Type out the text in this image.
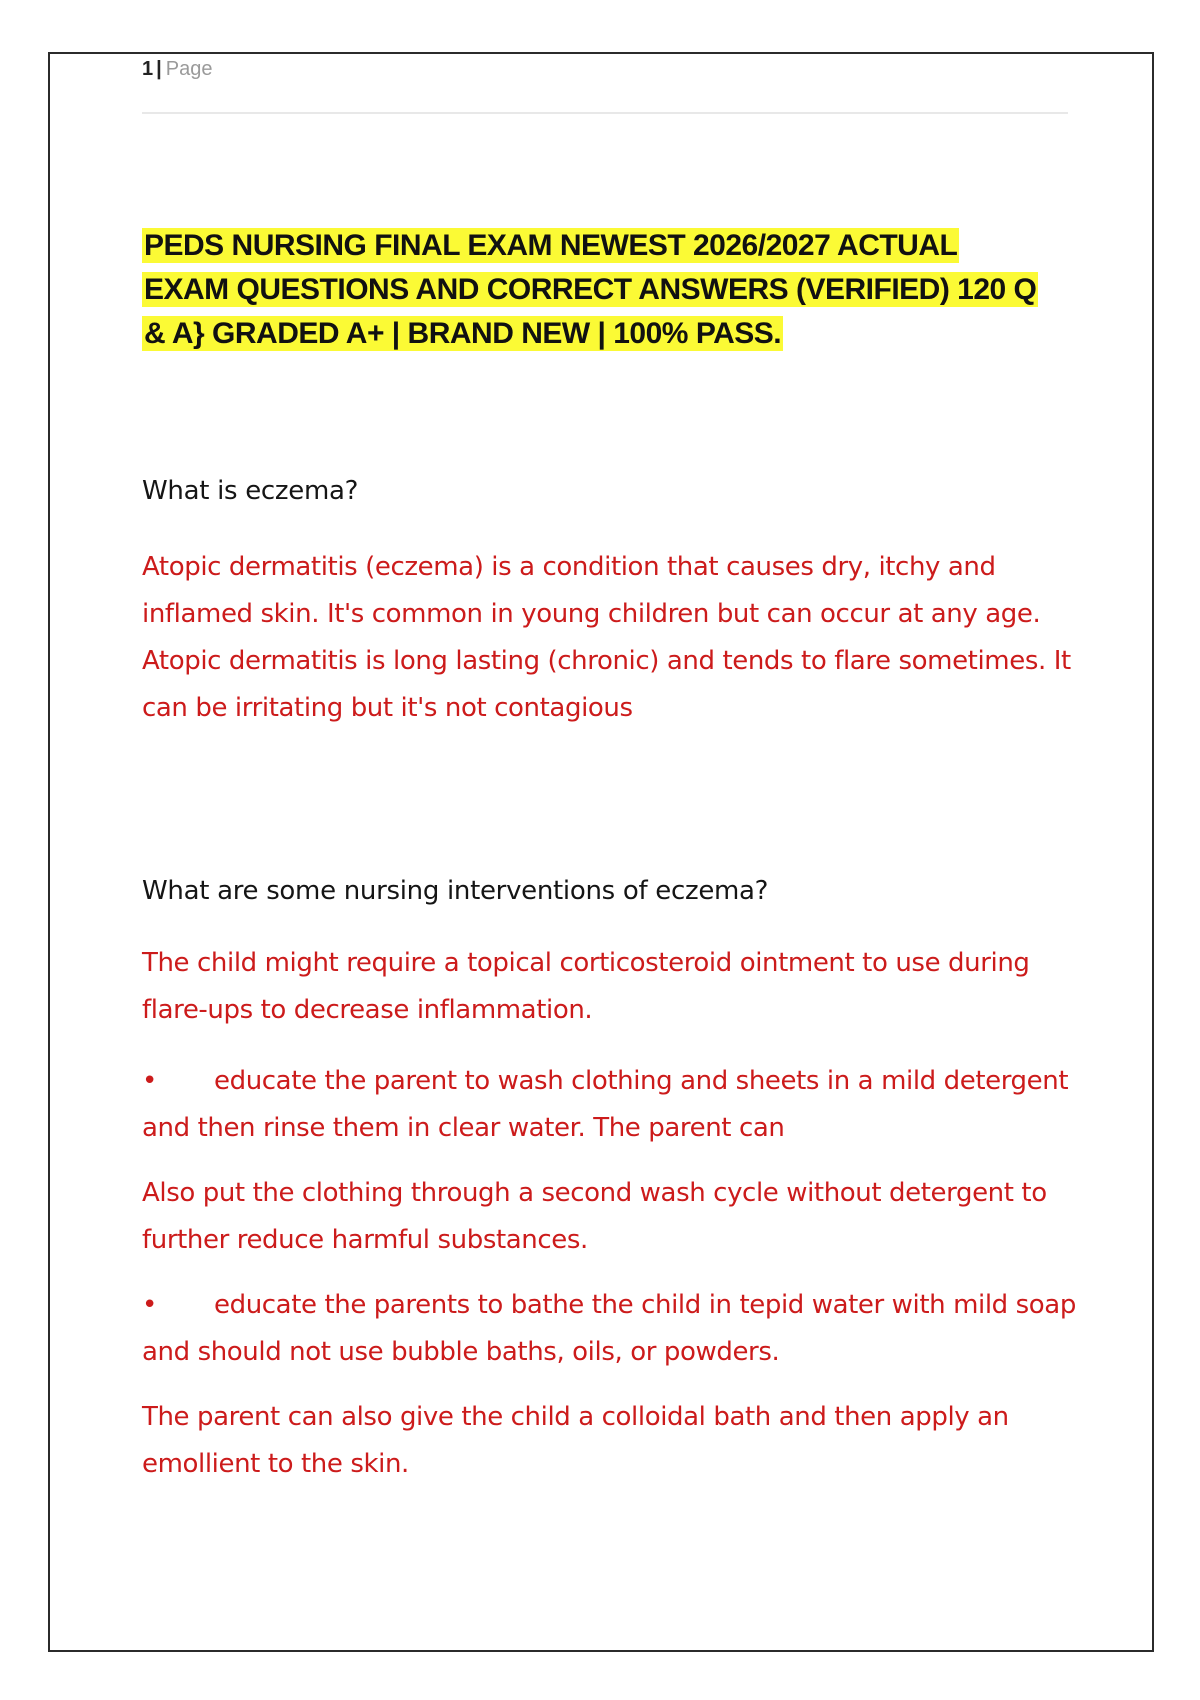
1 | Page
PEDS NURSING FINAL EXAM NEWEST 2026/2027 ACTUAL EXAM QUESTIONS AND CORRECT ANSWERS (VERIFIED) 120 Q & A} GRADED A+ | BRAND NEW | 100% PASS.
What is eczema?

Atopic dermatitis (eczema) is a condition that causes dry, itchy and inflamed skin. It's common in young children but can occur at any age. Atopic dermatitis is long lasting (chronic) and tends to flare sometimes. It can be irritating but it's not contagious

What are some nursing interventions of eczema?

The child might require a topical corticosteroid ointment to use during flare-ups to decrease inflammation.

• educate the parent to wash clothing and sheets in a mild detergent and then rinse them in clear water. The parent can

Also put the clothing through a second wash cycle without detergent to further reduce harmful substances.

• educate the parents to bathe the child in tepid water with mild soap and should not use bubble baths, oils, or powders.

The parent can also give the child a colloidal bath and then apply an emollient to the skin.
